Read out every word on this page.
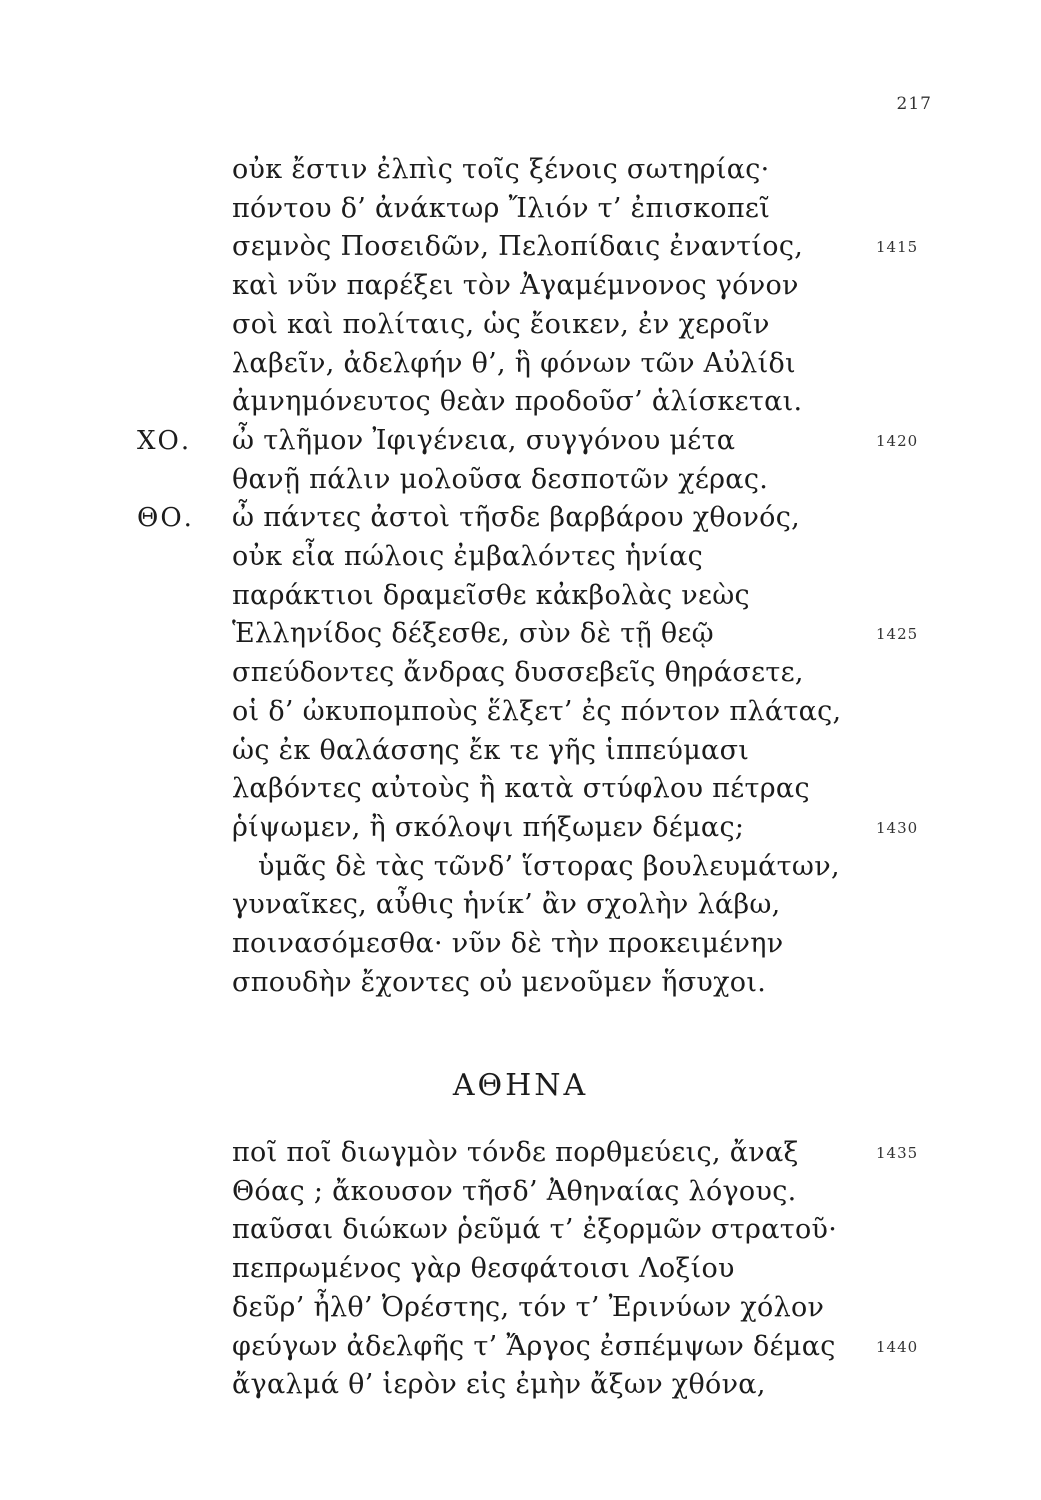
217
οὐκ ἔστιν ἐλπὶς τοῖς ξένοις σωτηρίας·
πόντου δ’ ἀνάκτωρ Ἴλιόν τ’ ἐπισκοπεῖ
σεμνὸς Ποσειδῶν, Πελοπίδαις ἐναντίος,	1415
καὶ νῦν παρέξει τὸν Ἀγαμέμνονος γόνον
σοὶ καὶ πολίταις, ὡς ἔοικεν, ἐν χεροῖν
λαβεῖν, ἀδελφήν θ’, ἣ φόνων τῶν Αὐλίδι
ἀμνημόνευτος θεὰν προδοῦσ’ ἁλίσκεται.
ΧΟ. ὦ τλῆμον Ἰφιγένεια, συγγόνου μέτα	1420
θανῇ πάλιν μολοῦσα δεσποτῶν χέρας.
ΘΟ. ὦ πάντες ἀστοὶ τῆσδε βαρβάρου χθονός,
οὐκ εἶα πώλοις ἐμβαλόντες ἡνίας
παράκτιοι δραμεῖσθε κἀκβολὰς νεὼς
Ἑλληνίδος δέξεσθε, σὺν δὲ τῇ θεῷ	1425
σπεύδοντες ἄνδρας δυσσεβεῖς θηράσετε,
οἱ δ’ ὠκυπομποὺς ἕλξετ’ ἐς πόντον πλάτας,
ὡς ἐκ θαλάσσης ἔκ τε γῆς ἱππεύμασι
λαβόντες αὐτοὺς ἢ κατὰ στύφλου πέτρας
ῥίψωμεν, ἢ σκόλοψι πήξωμεν δέμας;	1430
ὑμᾶς δὲ τὰς τῶνδ’ ἵστορας βουλευμάτων,
γυναῖκες, αὖθις ἡνίκ’ ἂν σχολὴν λάβω,
ποινασόμεσθα· νῦν δὲ τὴν προκειμένην
σπουδὴν ἔχοντες οὐ μενοῦμεν ἥσυχοι.
ΑΘΗΝΑ
ποῖ ποῖ διωγμὸν τόνδε πορθμεύεις, ἄναξ	1435
Θόας ; ἄκουσον τῆσδ’ Ἀθηναίας λόγους.
παῦσαι διώκων ῥεῦμά τ’ ἐξορμῶν στρατοῦ·
πεπρωμένος γὰρ θεσφάτοισι Λοξίου
δεῦρ’ ἦλθ’ Ὀρέστης, τόν τ’ Ἐρινύων χόλον
φεύγων ἀδελφῆς τ’ Ἄργος ἐσπέμψων δέμας	1440
ἄγαλμά θ’ ἱερὸν εἰς ἐμὴν ἄξων χθόνα,
